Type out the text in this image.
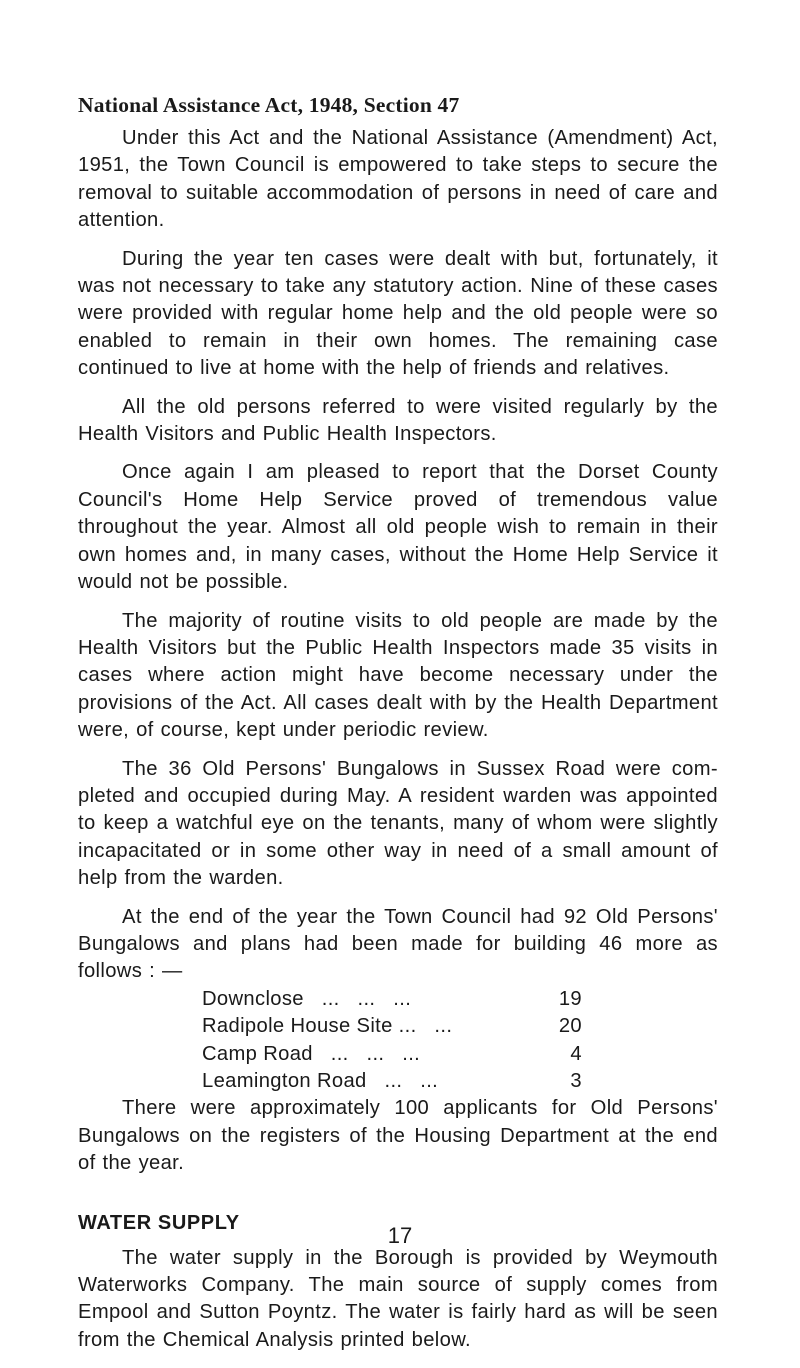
National Assistance Act, 1948, Section 47

Under this Act and the National Assistance (Amendment) Act, 1951, the Town Council is empowered to take steps to secure the removal to suitable accommodation of persons in need of care and attention.

During the year ten cases were dealt with but, fortunately, it was not necessary to take any statutory action. Nine of these cases were provided with regular home help and the old people were so enabled to remain in their own homes. The remaining case continued to live at home with the help of friends and relatives.

All the old persons referred to were visited regularly by the Health Visitors and Public Health Inspectors.

Once again I am pleased to report that the Dorset County Council's Home Help Service proved of tremendous value throughout the year. Almost all old people wish to remain in their own homes and, in many cases, without the Home Help Service it would not be possible.

The majority of routine visits to old people are made by the Health Visitors but the Public Health Inspectors made 35 visits in cases where action might have become necessary under the provisions of the Act. All cases dealt with by the Health Department were, of course, kept under periodic review.

The 36 Old Persons' Bungalows in Sussex Road were com-pleted and occupied during May. A resident warden was appointed to keep a watchful eye on the tenants, many of whom were slightly incapacitated or in some other way in need of a small amount of help from the warden.

At the end of the year the Town Council had 92 Old Persons' Bungalows and plans had been made for building 46 more as follows : —

Downclose   ...   ...   ...	19
Radipole House Site ...   ...	20
Camp Road   ...   ...   ...	4
Leamington Road   ...   ...	3

There were approximately 100 applicants for Old Persons' Bungalows on the registers of the Housing Department at the end of the year.

WATER SUPPLY

The water supply in the Borough is provided by Weymouth Waterworks Company. The main source of supply comes from Empool and Sutton Poyntz. The water is fairly hard as will be seen from the Chemical Analysis printed below.

17
